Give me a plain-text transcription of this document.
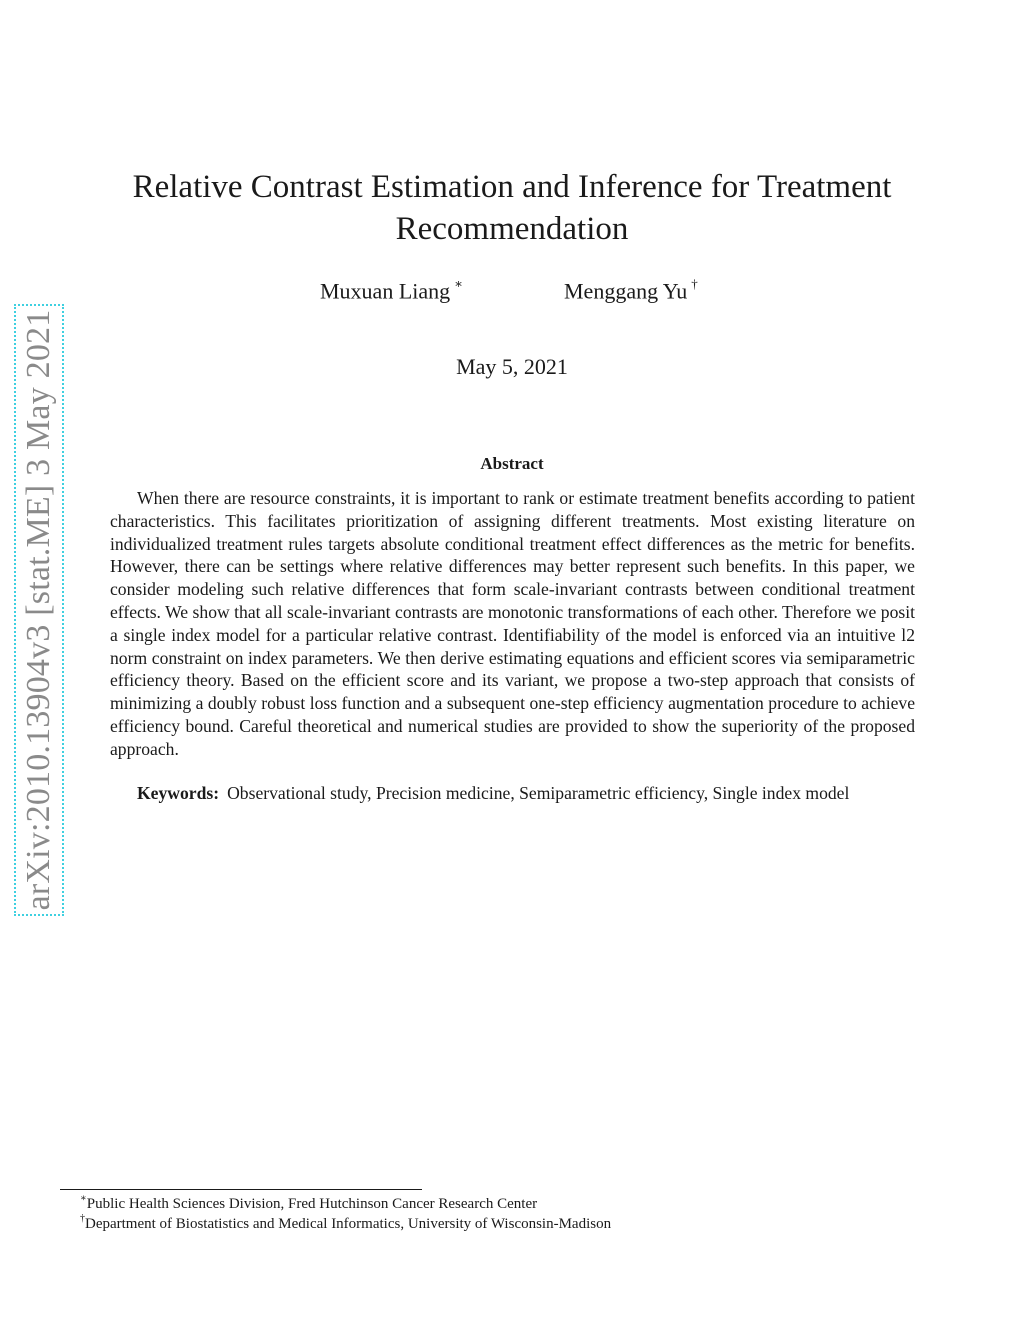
arXiv:2010.13904v3 [stat.ME] 3 May 2021
Relative Contrast Estimation and Inference for Treatment Recommendation
Muxuan Liang ∗	Menggang Yu †
May 5, 2021
Abstract

When there are resource constraints, it is important to rank or estimate treatment benefits according to patient characteristics. This facilitates prioritization of assigning different treatments. Most existing literature on individualized treatment rules targets absolute conditional treatment effect differences as the metric for benefits. However, there can be settings where relative differences may better represent such benefits. In this paper, we consider modeling such relative differences that form scale-invariant contrasts between conditional treatment effects. We show that all scale-invariant contrasts are monotonic transformations of each other. Therefore we posit a single index model for a particular relative contrast. Identifiability of the model is enforced via an intuitive l2 norm constraint on index parameters. We then derive estimating equations and efficient scores via semiparametric efficiency theory. Based on the efficient score and its variant, we propose a two-step approach that consists of minimizing a doubly robust loss function and a subsequent one-step efficiency augmentation procedure to achieve efficiency bound. Careful theoretical and numerical studies are provided to show the superiority of the proposed approach.

Keywords: Observational study, Precision medicine, Semiparametric efficiency, Single index model

∗Public Health Sciences Division, Fred Hutchinson Cancer Research Center
†Department of Biostatistics and Medical Informatics, University of Wisconsin-Madison
